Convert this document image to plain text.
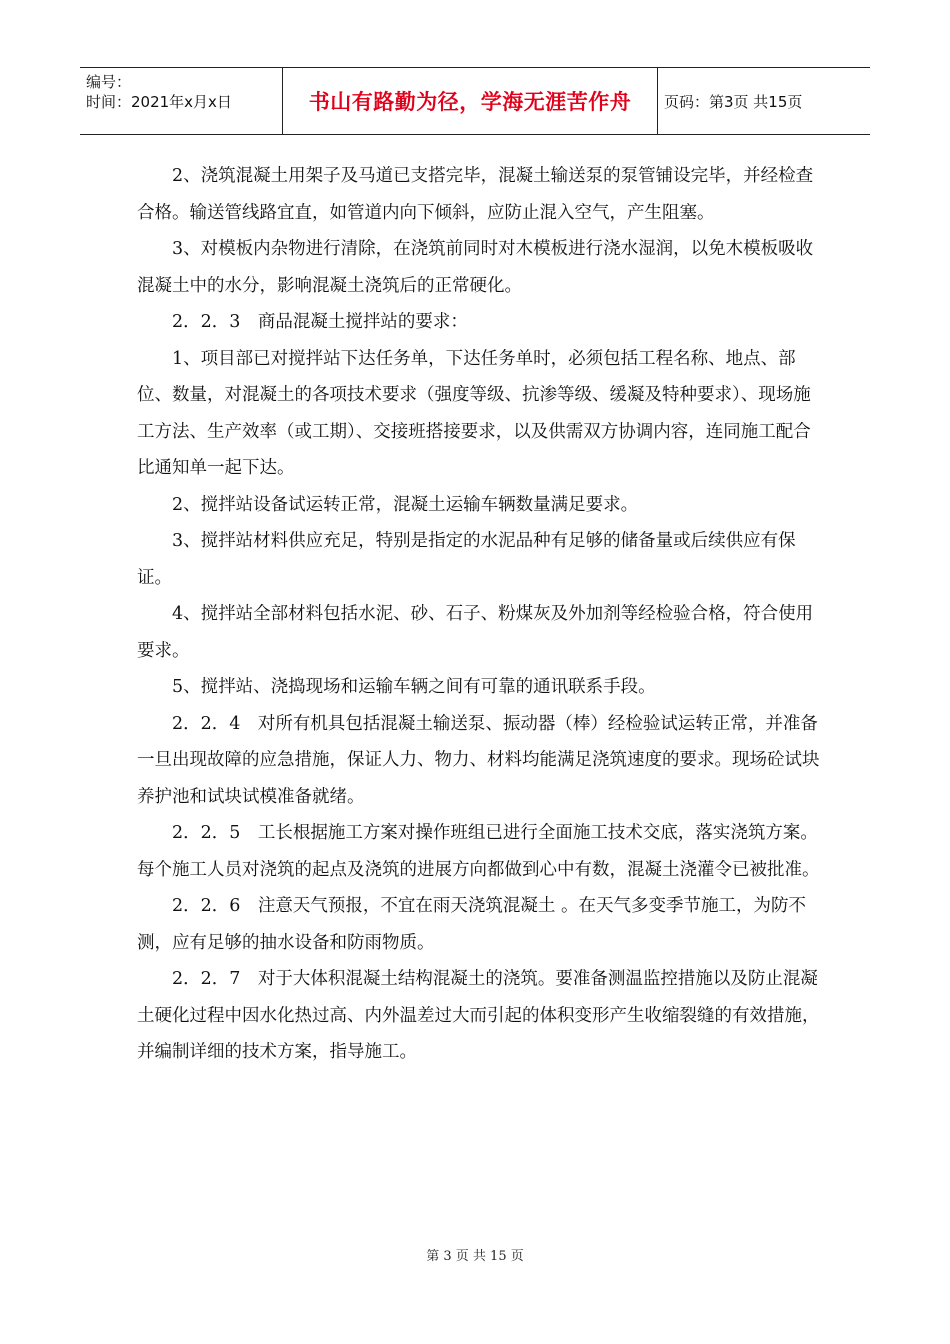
编号：
时间：2021年x月x日	书山有路勤为径，学海无涯苦作舟	页码：第3页 共15页

2、浇筑混凝土用架子及马道已支搭完毕，混凝土输送泵的泵管铺设完毕，并经检查合格。输送管线路宜直，如管道内向下倾斜，应防止混入空气，产生阻塞。

3、对模板内杂物进行清除，在浇筑前同时对木模板进行浇水湿润，以免木模板吸收混凝土中的水分，影响混凝土浇筑后的正常硬化。

2．2．3　商品混凝土搅拌站的要求：

1、项目部已对搅拌站下达任务单，下达任务单时，必须包括工程名称、地点、部位、数量，对混凝土的各项技术要求（强度等级、抗渗等级、缓凝及特种要求）、现场施工方法、生产效率（或工期）、交接班搭接要求，以及供需双方协调内容，连同施工配合比通知单一起下达。

2、搅拌站设备试运转正常，混凝土运输车辆数量满足要求。

3、搅拌站材料供应充足，特别是指定的水泥品种有足够的储备量或后续供应有保证。

4、搅拌站全部材料包括水泥、砂、石子、粉煤灰及外加剂等经检验合格，符合使用要求。

5、搅拌站、浇捣现场和运输车辆之间有可靠的通讯联系手段。

2．2．4　对所有机具包括混凝土输送泵、振动器（棒）经检验试运转正常，并准备一旦出现故障的应急措施，保证人力、物力、材料均能满足浇筑速度的要求。现场砼试块养护池和试块试模准备就绪。

2．2．5　工长根据施工方案对操作班组已进行全面施工技术交底，落实浇筑方案。每个施工人员对浇筑的起点及浇筑的进展方向都做到心中有数，混凝土浇灌令已被批准。

2．2．6　注意天气预报，不宜在雨天浇筑混凝土 。在天气多变季节施工，为防不测，应有足够的抽水设备和防雨物质。

2．2．7　对于大体积混凝土结构混凝土的浇筑。要准备测温监控措施以及防止混凝土硬化过程中因水化热过高、内外温差过大而引起的体积变形产生收缩裂缝的有效措施，并编制详细的技术方案，指导施工。

第 3 页 共 15 页
